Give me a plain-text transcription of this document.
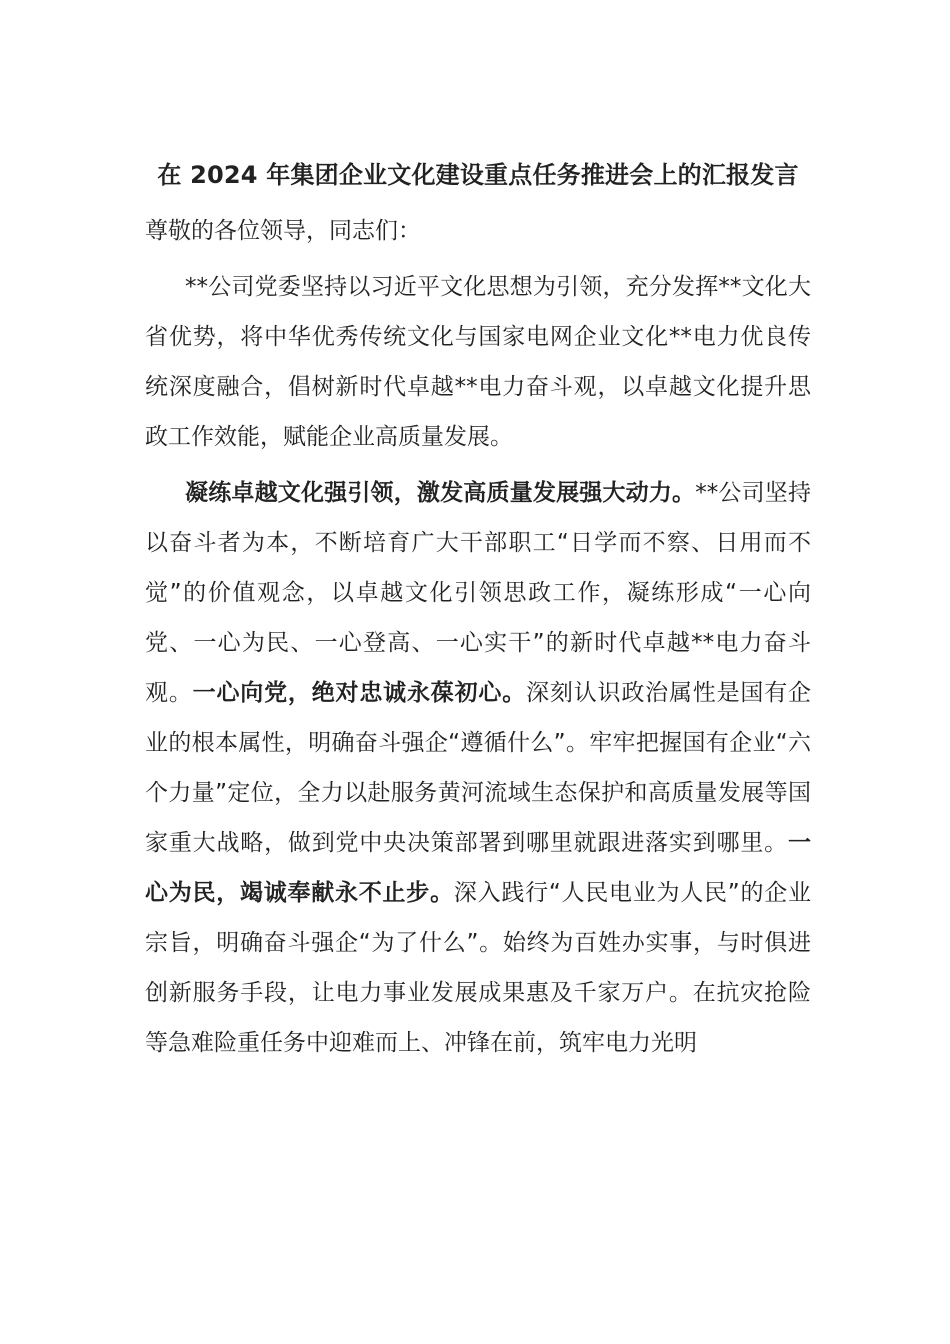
在 2024 年集团企业文化建设重点任务推进会上的汇报发言

尊敬的各位领导，同志们：

**公司党委坚持以习近平文化思想为引领，充分发挥**文化大省优势，将中华优秀传统文化与国家电网企业文化**电力优良传统深度融合，倡树新时代卓越**电力奋斗观，以卓越文化提升思政工作效能，赋能企业高质量发展。

凝练卓越文化强引领，激发高质量发展强大动力。**公司坚持以奋斗者为本，不断培育广大干部职工“日学而不察、日用而不觉”的价值观念，以卓越文化引领思政工作，凝练形成“一心向党、一心为民、一心登高、一心实干”的新时代卓越**电力奋斗观。一心向党，绝对忠诚永葆初心。深刻认识政治属性是国有企业的根本属性，明确奋斗强企“遵循什么”。牢牢把握国有企业“六个力量”定位，全力以赴服务黄河流域生态保护和高质量发展等国家重大战略，做到党中央决策部署到哪里就跟进落实到哪里。一心为民，竭诚奉献永不止步。深入践行“人民电业为人民”的企业宗旨，明确奋斗强企“为了什么”。始终为百姓办实事，与时俱进创新服务手段，让电力事业发展成果惠及千家万户。在抗灾抢险等急难险重任务中迎难而上、冲锋在前，筑牢电力光明
